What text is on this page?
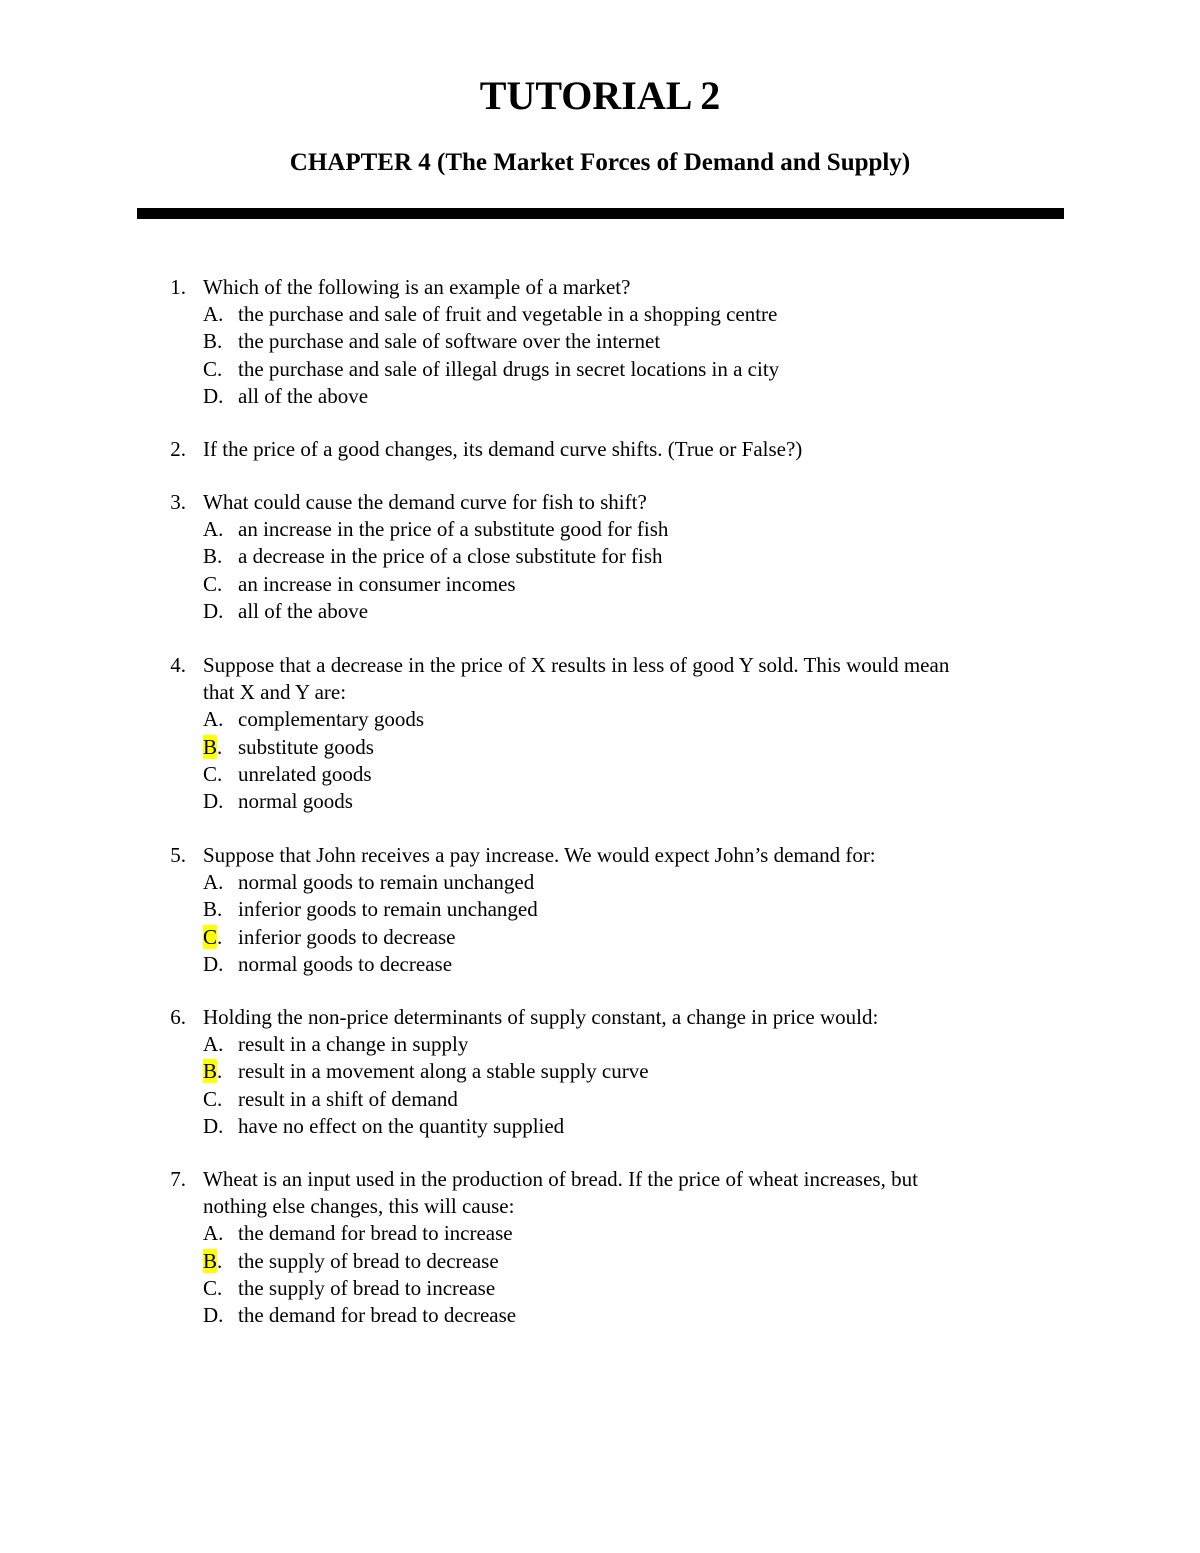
TUTORIAL 2
CHAPTER 4 (The Market Forces of Demand and Supply)
1. Which of the following is an example of a market?
A. the purchase and sale of fruit and vegetable in a shopping centre
B. the purchase and sale of software over the internet
C. the purchase and sale of illegal drugs in secret locations in a city
D. all of the above
2. If the price of a good changes, its demand curve shifts. (True or False?)
3. What could cause the demand curve for fish to shift?
A. an increase in the price of a substitute good for fish
B. a decrease in the price of a close substitute for fish
C. an increase in consumer incomes
D. all of the above
4. Suppose that a decrease in the price of X results in less of good Y sold. This would mean
that X and Y are:
A. complementary goods
B. substitute goods
C. unrelated goods
D. normal goods
5. Suppose that John receives a pay increase. We would expect John’s demand for:
A. normal goods to remain unchanged
B. inferior goods to remain unchanged
C. inferior goods to decrease
D. normal goods to decrease
6. Holding the non-price determinants of supply constant, a change in price would:
A. result in a change in supply
B. result in a movement along a stable supply curve
C. result in a shift of demand
D. have no effect on the quantity supplied
7. Wheat is an input used in the production of bread. If the price of wheat increases, but
nothing else changes, this will cause:
A. the demand for bread to increase
B. the supply of bread to decrease
C. the supply of bread to increase
D. the demand for bread to decrease
